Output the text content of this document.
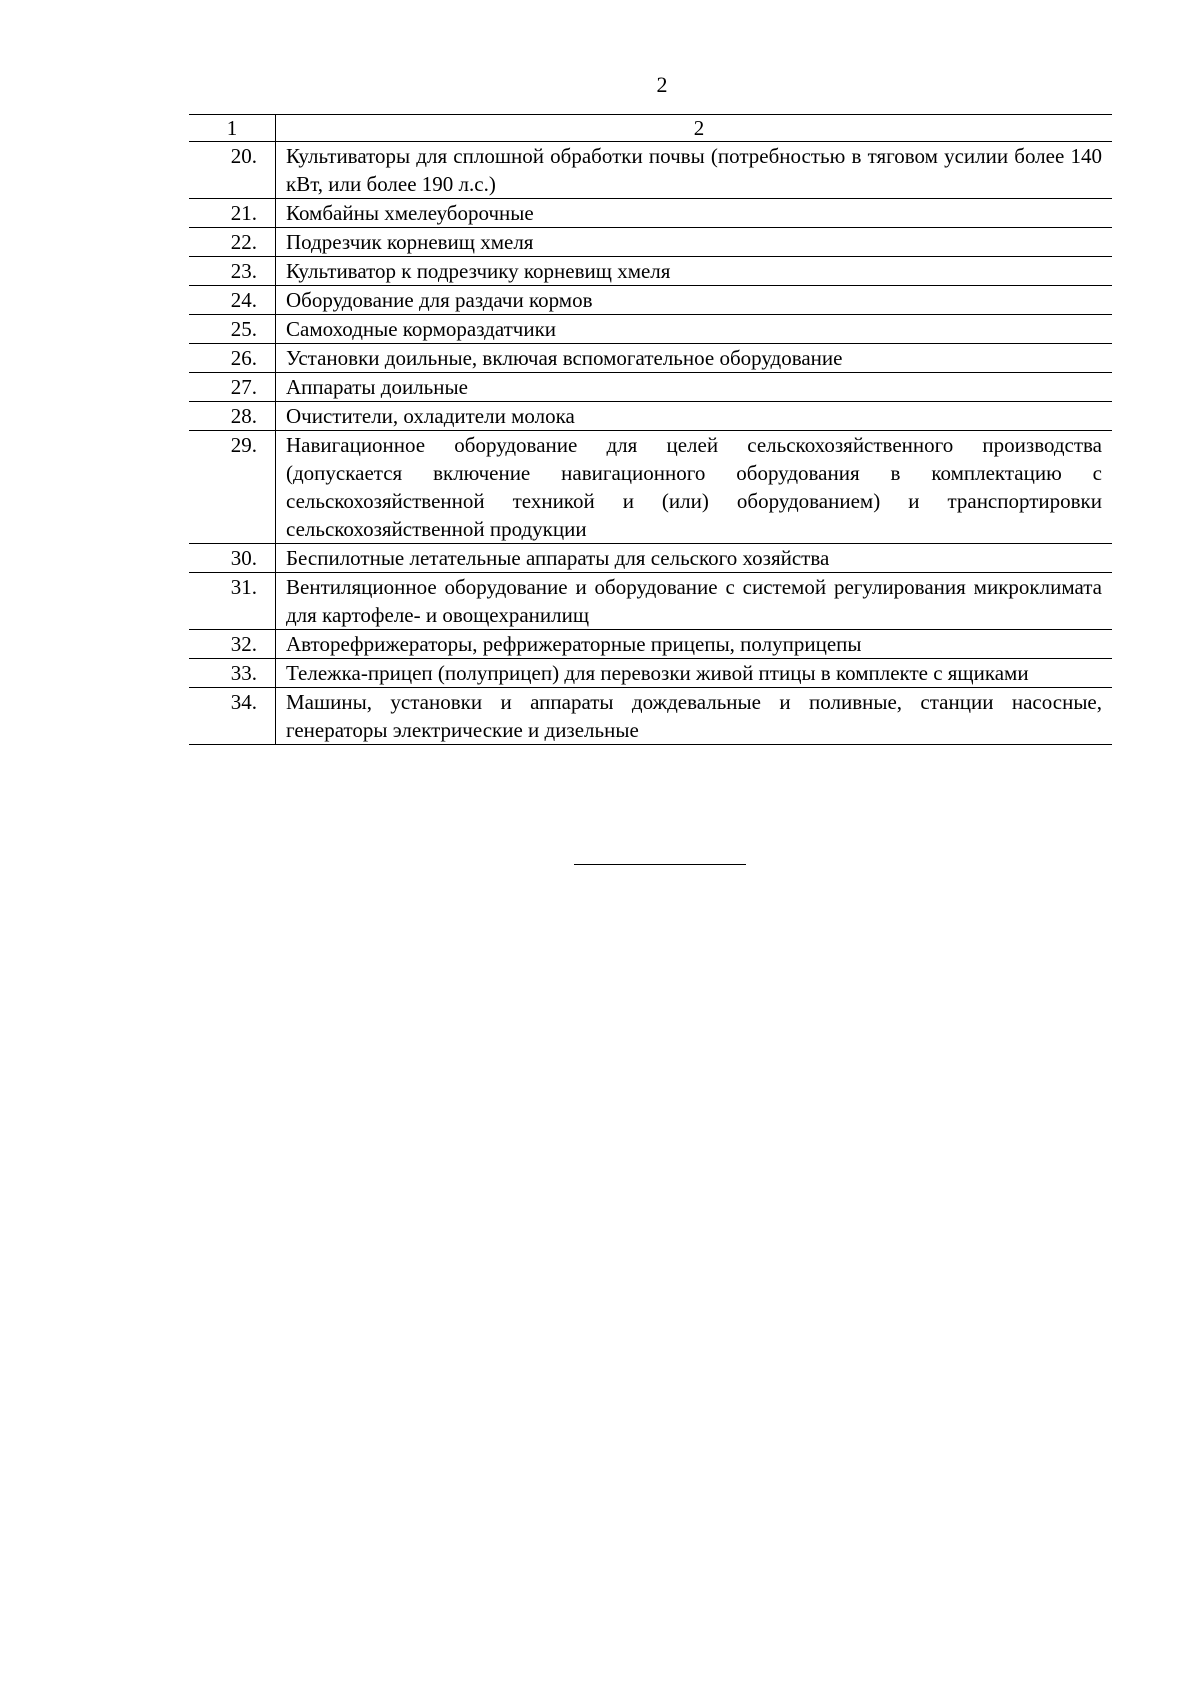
2
1	2
20.	Культиваторы для сплошной обработки почвы (потребностью в тяговом усилии более 140 кВт, или более 190 л.с.)
21.	Комбайны хмелеуборочные
22.	Подрезчик корневищ хмеля
23.	Культиватор к подрезчику корневищ хмеля
24.	Оборудование для раздачи кормов
25.	Самоходные кормораздатчики
26.	Установки доильные, включая вспомогательное оборудование
27.	Аппараты доильные
28.	Очистители, охладители молока
29.	Навигационное оборудование для целей сельскохозяйственного производства (допускается включение навигационного оборудования в комплектацию с сельскохозяйственной техникой и (или) оборудованием) и транспортировки сельскохозяйственной продукции
30.	Беспилотные летательные аппараты для сельского хозяйства
31.	Вентиляционное оборудование и оборудование с системой регулирования микроклимата для картофеле- и овощехранилищ
32.	Авторефрижераторы, рефрижераторные прицепы, полуприцепы
33.	Тележка-прицеп (полуприцеп) для перевозки живой птицы в комплекте с ящиками
34.	Машины, установки и аппараты дождевальные и поливные, станции насосные, генераторы электрические и дизельные
